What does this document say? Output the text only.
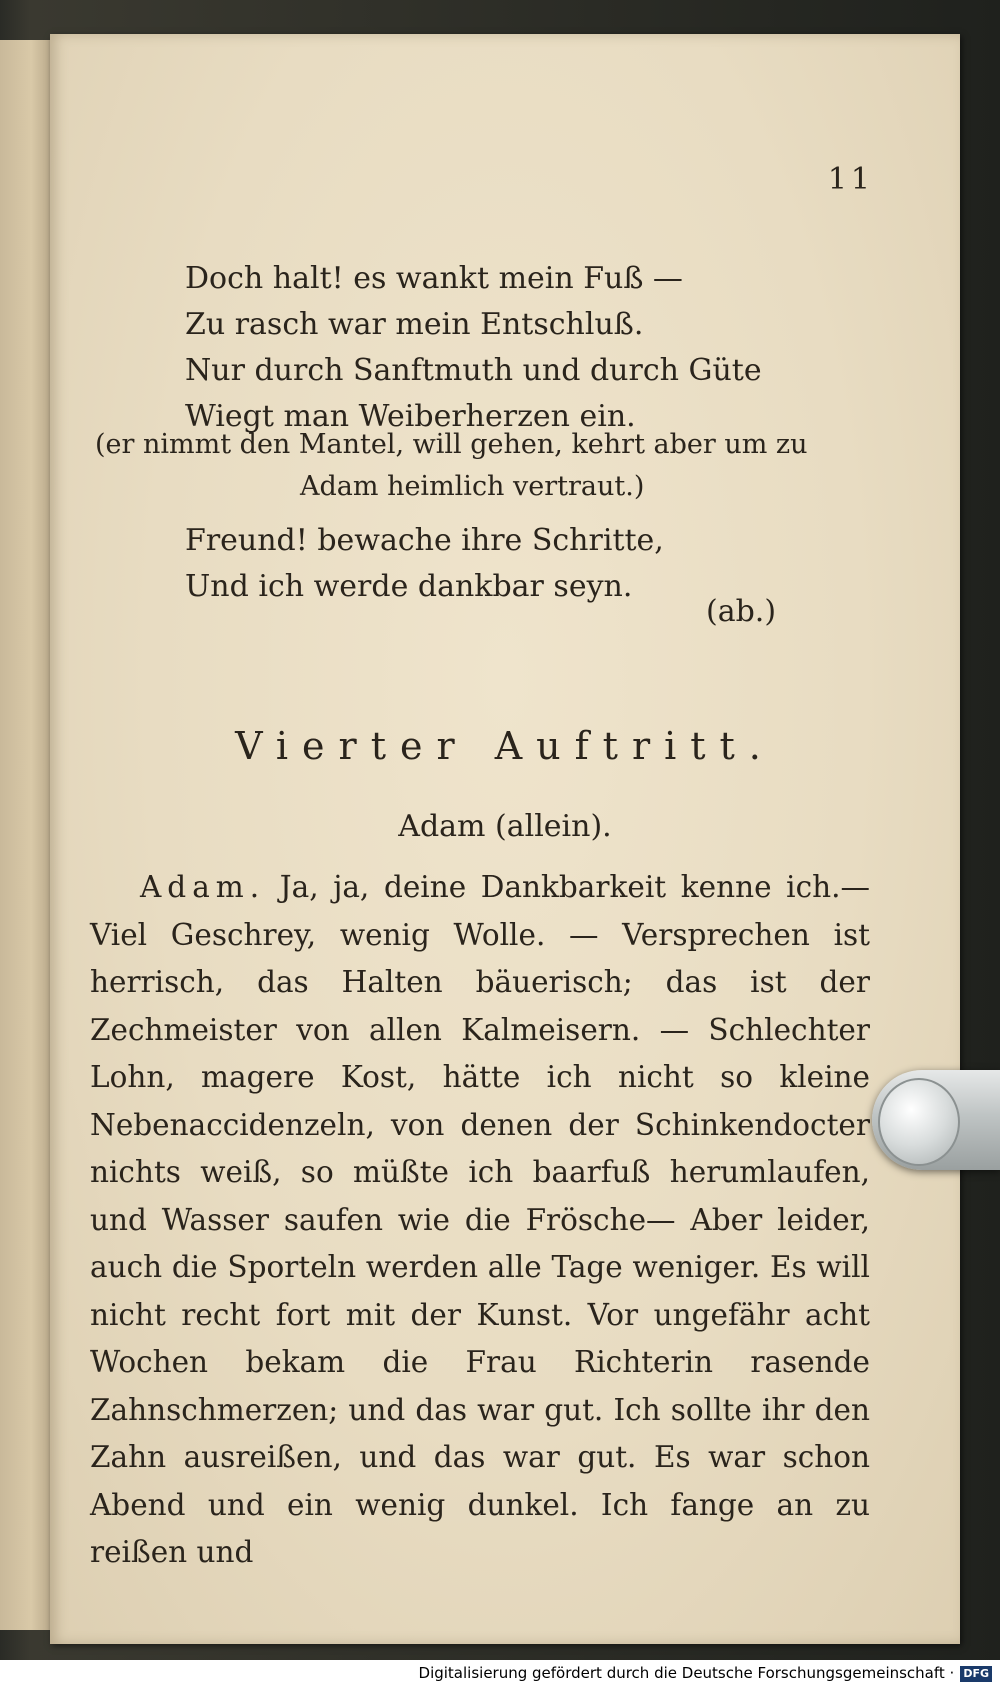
11
Doch halt! es wankt mein Fuß —
Zu rasch war mein Entschluß.
Nur durch Sanftmuth und durch Güte
Wiegt man Weiberherzen ein.
(er nimmt den Mantel, will gehen, kehrt aber um zu
Adam heimlich vertraut.)
Freund! bewache ihre Schritte,
Und ich werde dankbar seyn.
(ab.)
Vierter Auftritt.
Adam (allein).

Adam. Ja, ja, deine Dankbarkeit kenne ich.— Viel Geschrey, wenig Wolle. — Versprechen ist herrisch, das Halten bäuerisch; das ist der Zechmeister von allen Kalmeisern. — Schlechter Lohn, magere Kost, hätte ich nicht so kleine Nebenaccidenzeln, von denen der Schinkendocter nichts weiß, so müßte ich baarfuß herumlaufen, und Wasser saufen wie die Frösche— Aber leider, auch die Sporteln werden alle Tage weniger. Es will nicht recht fort mit der Kunst. Vor ungefähr acht Wochen bekam die Frau Richterin rasende Zahnschmerzen; und das war gut. Ich sollte ihr den Zahn ausreißen, und das war gut. Es war schon Abend und ein wenig dunkel. Ich fange an zu reißen und

Digitalisierung gefördert durch die Deutsche Forschungsgemeinschaft · DFG
